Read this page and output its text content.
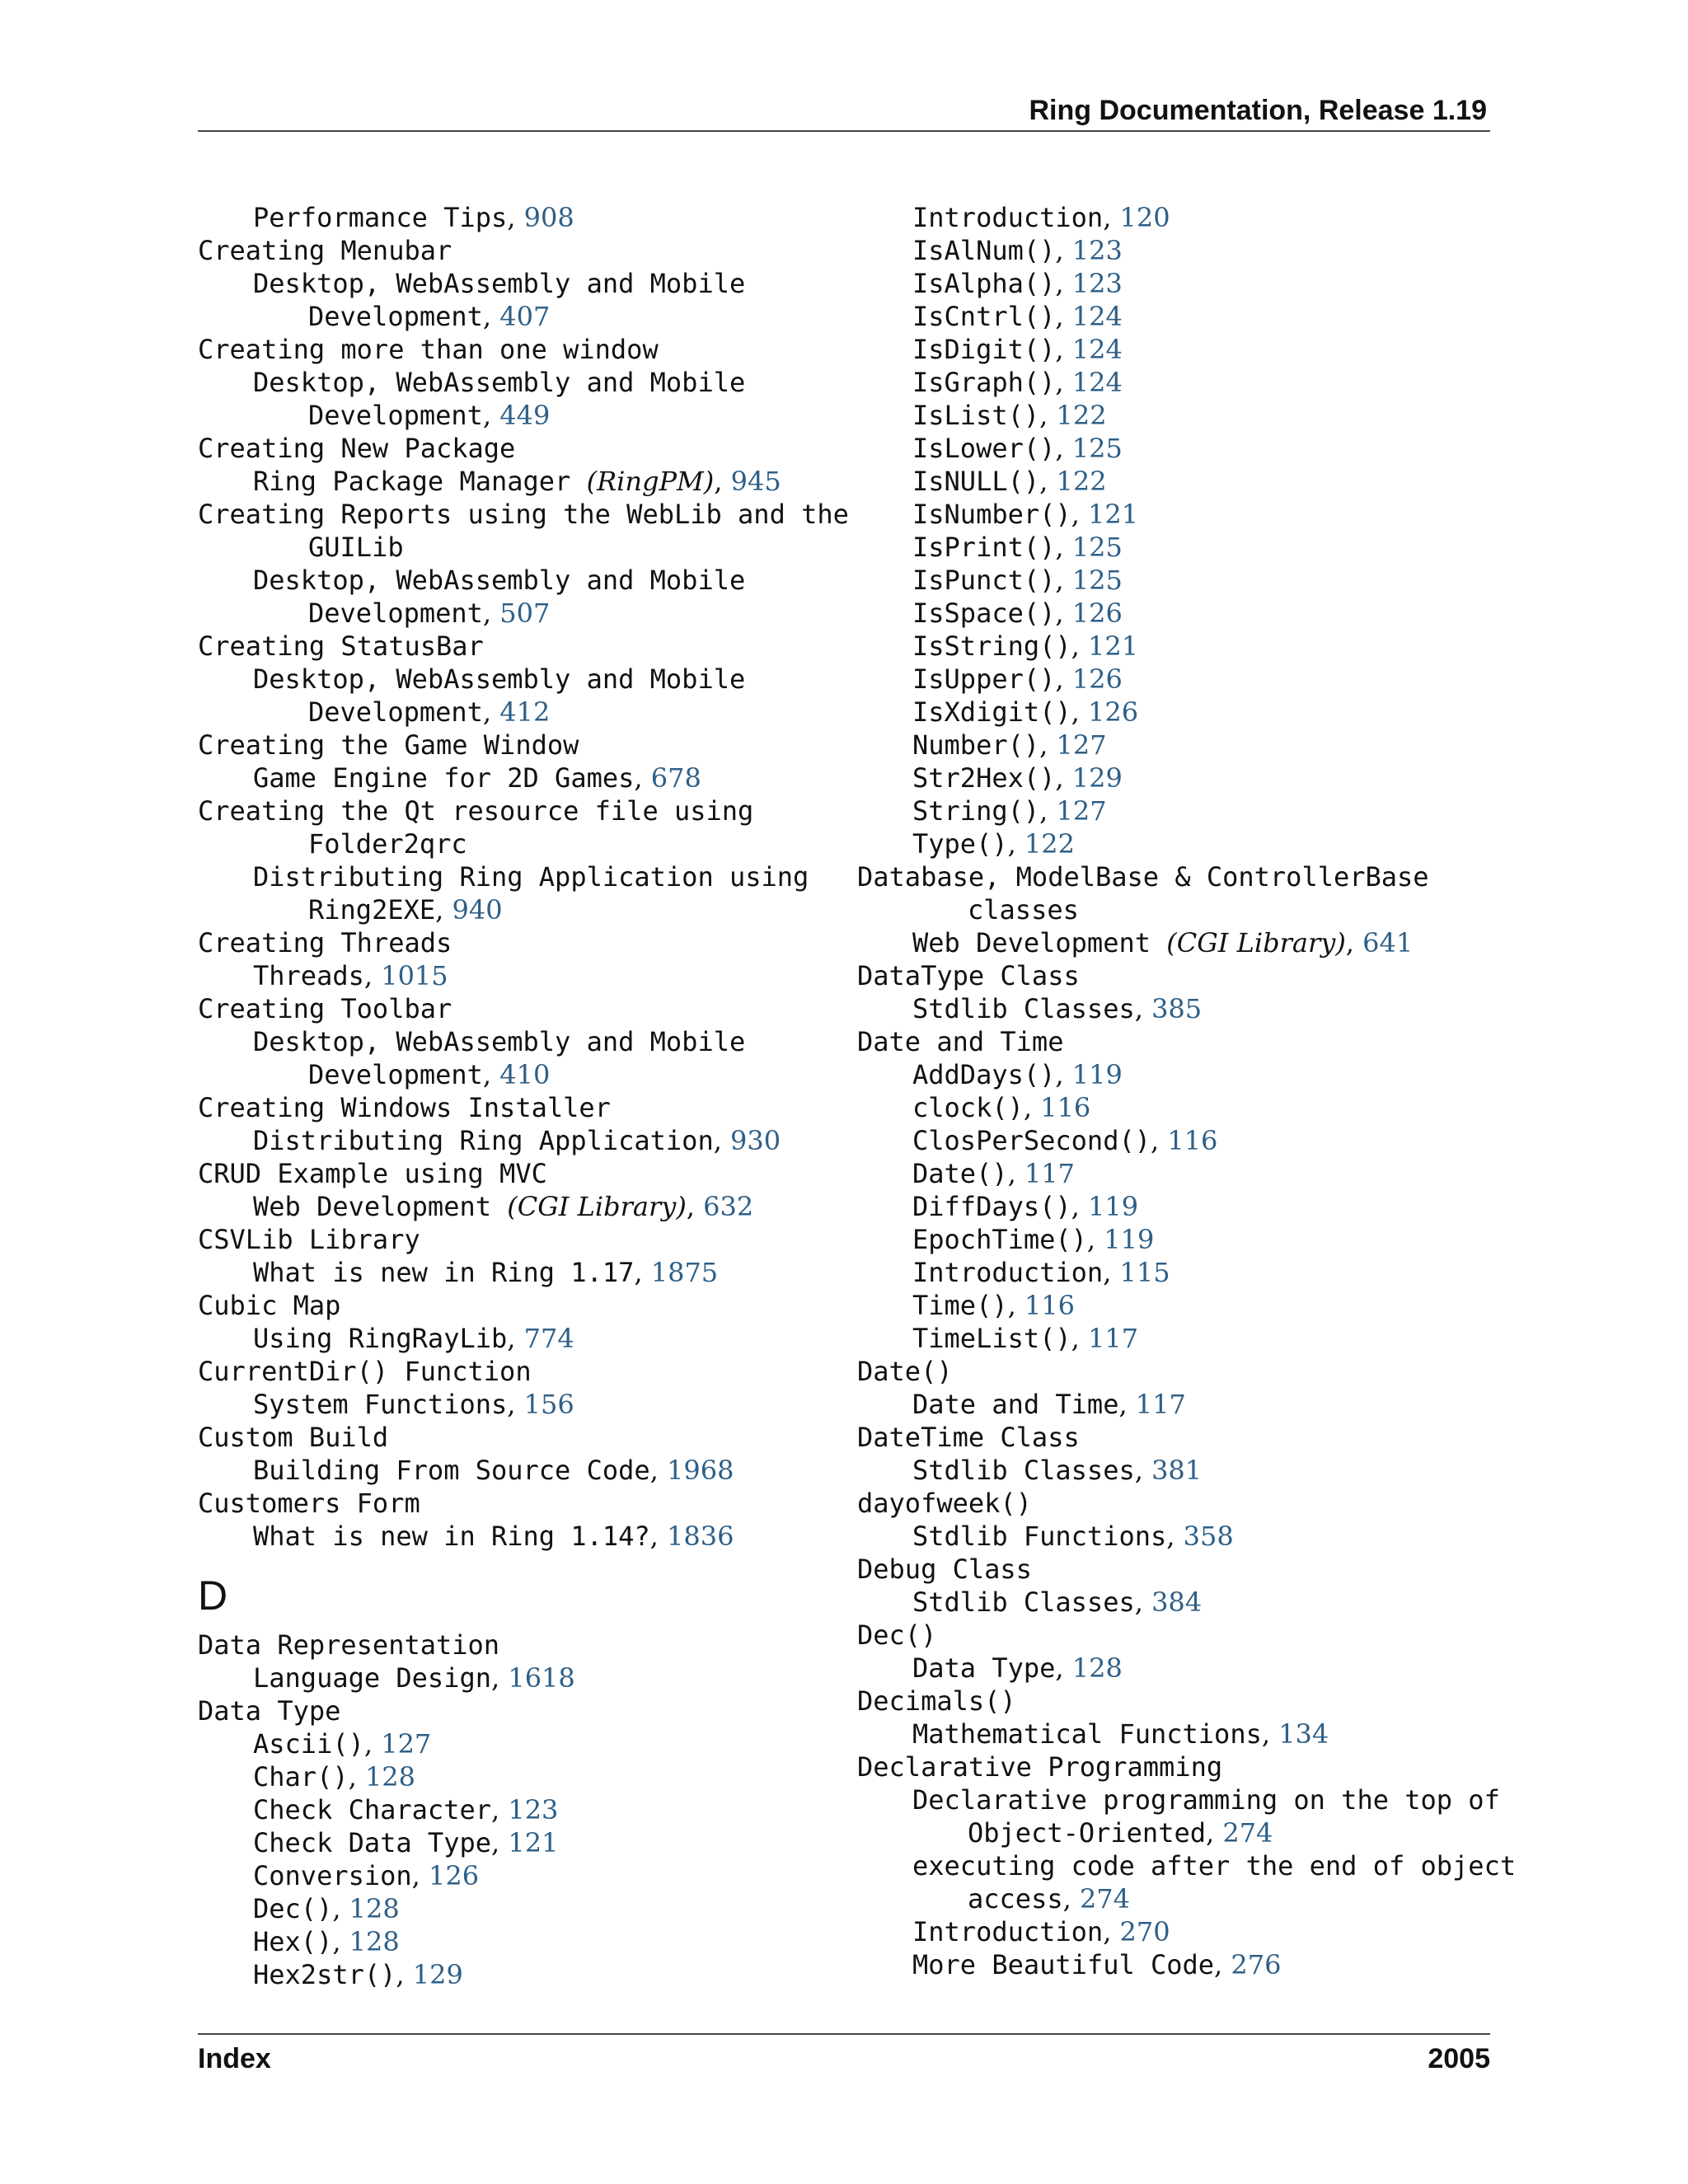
Ring Documentation, Release 1.19
Performance Tips, 908
Creating Menubar
Desktop, WebAssembly and Mobile
Development, 407
Creating more than one window
Desktop, WebAssembly and Mobile
Development, 449
Creating New Package
Ring Package Manager (RingPM), 945
Creating Reports using the WebLib and the
GUILib
Desktop, WebAssembly and Mobile
Development, 507
Creating StatusBar
Desktop, WebAssembly and Mobile
Development, 412
Creating the Game Window
Game Engine for 2D Games, 678
Creating the Qt resource file using
Folder2qrc
Distributing Ring Application using
Ring2EXE, 940
Creating Threads
Threads, 1015
Creating Toolbar
Desktop, WebAssembly and Mobile
Development, 410
Creating Windows Installer
Distributing Ring Application, 930
CRUD Example using MVC
Web Development (CGI Library), 632
CSVLib Library
What is new in Ring 1.17, 1875
Cubic Map
Using RingRayLib, 774
CurrentDir() Function
System Functions, 156
Custom Build
Building From Source Code, 1968
Customers Form
What is new in Ring 1.14?, 1836
D
Data Representation
Language Design, 1618
Data Type
Ascii(), 127
Char(), 128
Check Character, 123
Check Data Type, 121
Conversion, 126
Dec(), 128
Hex(), 128
Hex2str(), 129
Introduction, 120
IsAlNum(), 123
IsAlpha(), 123
IsCntrl(), 124
IsDigit(), 124
IsGraph(), 124
IsList(), 122
IsLower(), 125
IsNULL(), 122
IsNumber(), 121
IsPrint(), 125
IsPunct(), 125
IsSpace(), 126
IsString(), 121
IsUpper(), 126
IsXdigit(), 126
Number(), 127
Str2Hex(), 129
String(), 127
Type(), 122
Database, ModelBase & ControllerBase
classes
Web Development (CGI Library), 641
DataType Class
Stdlib Classes, 385
Date and Time
AddDays(), 119
clock(), 116
ClosPerSecond(), 116
Date(), 117
DiffDays(), 119
EpochTime(), 119
Introduction, 115
Time(), 116
TimeList(), 117
Date()
Date and Time, 117
DateTime Class
Stdlib Classes, 381
dayofweek()
Stdlib Functions, 358
Debug Class
Stdlib Classes, 384
Dec()
Data Type, 128
Decimals()
Mathematical Functions, 134
Declarative Programming
Declarative programming on the top of
Object-Oriented, 274
executing code after the end of object
access, 274
Introduction, 270
More Beautiful Code, 276
Index	2005
